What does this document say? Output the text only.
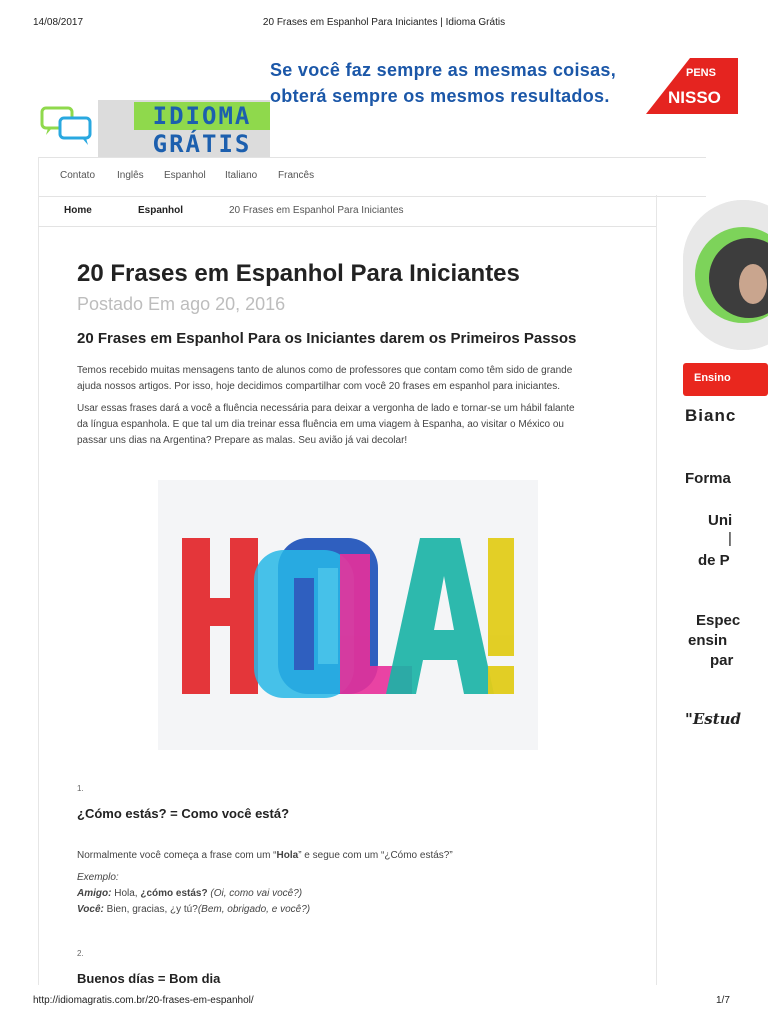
14/08/2017	20 Frases em Espanhol Para Iniciantes | Idioma Grátis
http://idiomagratis.com.br/20-frases-em-espanhol/	1/7
Se você faz sempre as mesmas coisas,
obterá sempre os mesmos resultados.
PENS
NISSO
IDIOMA
GRÁTIS
Contato Inglês Espanhol Italiano Francês
Home	Espanhol	20 Frases em Espanhol Para Iniciantes
20 Frases em Espanhol Para Iniciantes
Postado Em ago 20, 2016
20 Frases em Espanhol Para os Iniciantes darem os Primeiros Passos
Temos recebido muitas mensagens tanto de alunos como de professores que contam como têm sido de grande
ajuda nossos artigos. Por isso, hoje decidimos compartilhar com você 20 frases em espanhol para iniciantes.
Usar essas frases dará a você a fluência necessária para deixar a vergonha de lado e tornar-se um hábil falante
da língua espanhola. E que tal um dia treinar essa fluência em uma viagem à Espanha, ao visitar o México ou
passar uns dias na Argentina? Prepare as malas. Seu avião já vai decolar!
1.
¿Cómo estás? = Como você está?
Normalmente você começa a frase com um “Hola” e segue com um “¿Cómo estás?”
Exemplo:
Amigo: Hola, ¿cómo estás? (Oi, como vai você?)
Você: Bien, gracias, ¿y tú?(Bem, obrigado, e você?)
2.
Buenos días = Bom dia
Ensino
Bianc
Forma
Uni
|
de P
Espec
ensin
par
"Estud
